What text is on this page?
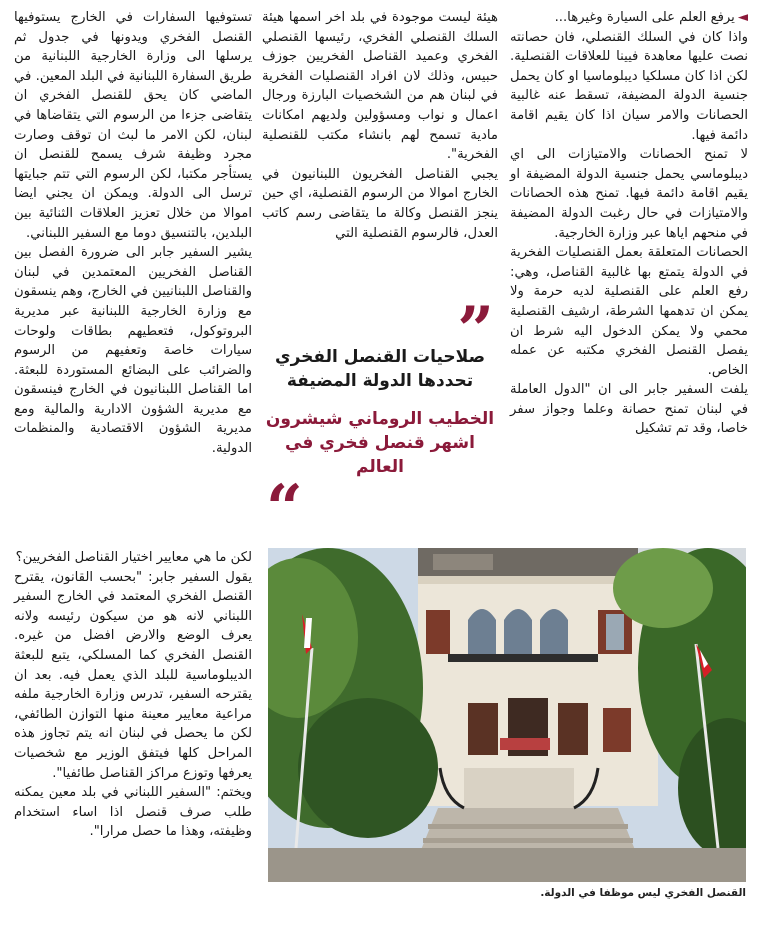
◄يرفع العلم على السيارة وغيرها...

واذا كان في السلك القنصلي، فان حصانته نصت عليها معاهدة فيينا للعلاقات القنصلية. لكن اذا كان مسلكيا ديبلوماسيا او كان يحمل جنسية الدولة المضيفة، تسقط عنه غالبية الحصانات والامر سيان اذا كان يقيم اقامة دائمة فيها.

لا تمنح الحصانات والامتيازات الى اي ديبلوماسي يحمل جنسية الدولة المضيفة او يقيم اقامة دائمة فيها. تمنح هذه الحصانات والامتيازات في حال رغبت الدولة المضيفة في منحهم اياها عبر وزارة الخارجية.

الحصانات المتعلقة بعمل القنصليات الفخرية في الدولة يتمتع بها غالبية القناصل، وهي: رفع العلم على القنصلية لديه حرمة ولا يمكن ان تدهمها الشرطة، ارشيف القنصلية محمي ولا يمكن الدخول اليه شرط ان يفصل القنصل الفخري مكتبه عن عمله الخاص.

يلفت السفير جابر الى ان "الدول العاملة في لبنان تمنح حصانة وعلما وجواز سفر خاصا، وقد تم تشكيل

هيئة ليست موجودة في بلد اخر اسمها هيئة السلك القنصلي الفخري، رئيسها القنصلي الفخري وعميد القناصل الفخريين جوزف حبيس، وذلك لان افراد القنصليات الفخرية في لبنان هم من الشخصيات البارزة ورجال اعمال و نواب ومسؤولين ولديهم امكانات مادية تسمح لهم بانشاء مكتب للقنصلية الفخرية".

يجبي القناصل الفخريون اللبنانيون في الخارج اموالا من الرسوم القنصلية، اي حين ينجز القنصل وكالة ما يتقاضى رسم كاتب العدل، فالرسوم القنصلية التي

”

صلاحيات القنصل الفخري تحددها الدولة المضيفة

الخطيب الروماني شيشرون اشهر قنصل فخري في العالم

“

تستوفيها السفارات في الخارج يستوفيها القنصل الفخري ويدونها في جدول ثم يرسلها الى وزارة الخارجية اللبنانية من طريق السفارة اللبنانية في البلد المعين. في الماضي كان يحق للقنصل الفخري ان يتقاضى جزءا من الرسوم التي يتقاضاها في لبنان، لكن الامر ما لبث ان توقف وصارت مجرد وظيفة شرف يسمح للقنصل ان يستأجر مكتبا، لكن الرسوم التي تتم جبايتها ترسل الى الدولة. ويمكن ان يجني ايضا اموالا من خلال تعزيز العلاقات الثنائية بين البلدين، بالتنسيق دوما مع السفير اللبناني.

يشير السفير جابر الى ضرورة الفصل بين القناصل الفخريين المعتمدين في لبنان والقناصل اللبنانيين في الخارج، وهم ينسقون مع وزارة الخارجية اللبنانية عبر مديرية البروتوكول، فتعطيهم بطاقات ولوحات سيارات خاصة وتعفيهم من الرسوم والضرائب على البضائع المستوردة للبعثة. اما القناصل اللبنانيون في الخارج فينسقون مع مديرية الشؤون الادارية والمالية ومع مديرية الشؤون الاقتصادية والمنظمات الدولية.

لكن ما هي معايير اختيار القناصل الفخريين؟

يقول السفير جابر: "بحسب القانون، يقترح القنصل الفخري المعتمد في الخارج السفير اللبناني لانه هو من سيكون رئيسه ولانه يعرف الوضع والارض افضل من غيره. القنصل الفخري كما المسلكي، يتبع للبعثة الديبلوماسية للبلد الذي يعمل فيه. بعد ان يقترحه السفير، تدرس وزارة الخارجية ملفه مراعية معايير معينة منها التوازن الطائفي، لكن ما يحصل في لبنان انه يتم تجاوز هذه المراحل كلها فيتفق الوزير مع شخصيات يعرفها وتوزع مراكز القناصل طائفيا".

ويختم: "السفير اللبناني في بلد معين يمكنه طلب صرف قنصل اذا اساء استخدام وظيفته، وهذا ما حصل مرارا".

القنصل الفخري ليس موظفا في الدولة.
